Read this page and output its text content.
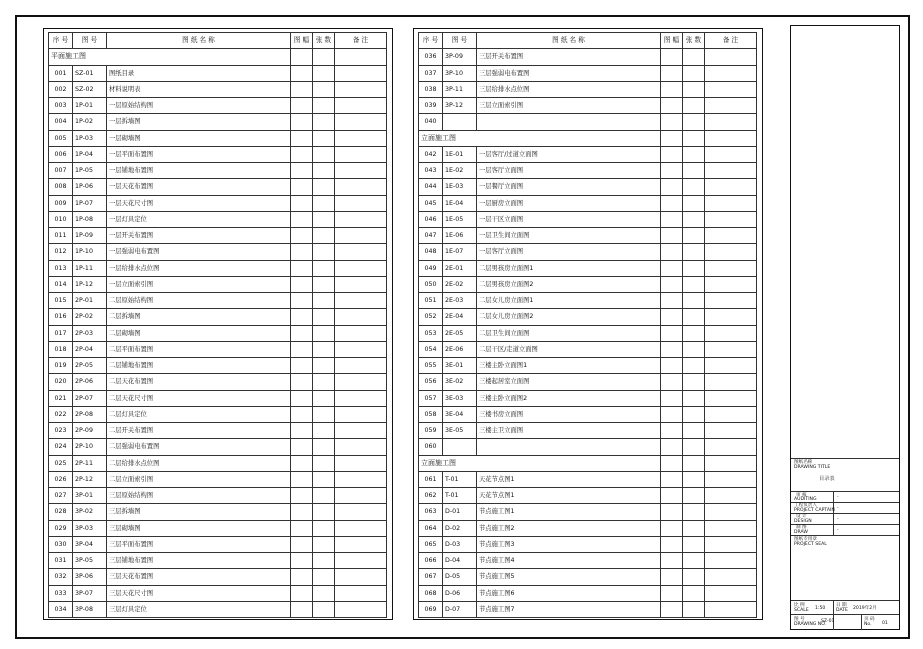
序 号	图 号	图 纸 名 称	图 幅	张 数	备 注
平面施工图					
001	SZ-01	图纸目录			
002	SZ-02	材料说明表			
003	1P-01	一层原始结构图			
004	1P-02	一层拆墙图			
005	1P-03	一层砌墙图			
006	1P-04	一层平面布置图			
007	1P-05	一层铺地布置图			
008	1P-06	一层天花布置图			
009	1P-07	一层天花尺寸图			
010	1P-08	一层灯具定位			
011	1P-09	一层开关布置图			
012	1P-10	一层强弱电布置图			
013	1P-11	一层给排水点位图			
014	1P-12	一层立面索引图			
015	2P-01	二层原始结构图			
016	2P-02	二层拆墙图			
017	2P-03	二层砌墙图			
018	2P-04	二层平面布置图			
019	2P-05	二层铺地布置图			
020	2P-06	二层天花布置图			
021	2P-07	二层天花尺寸图			
022	2P-08	二层灯具定位			
023	2P-09	二层开关布置图			
024	2P-10	二层强弱电布置图			
025	2P-11	二层给排水点位图			
026	2P-12	二层立面索引图			
027	3P-01	三层原始结构图			
028	3P-02	三层拆墙图			
029	3P-03	三层砌墙图			
030	3P-04	三层平面布置图			
031	3P-05	三层铺地布置图			
032	3P-06	三层天花布置图			
033	3P-07	三层天花尺寸图			
034	3P-08	三层灯具定位			
序 号	图 号	图 纸 名 称	图 幅	张 数	备 注
036	3P-09	三层开关布置图			
037	3P-10	三层强弱电布置图			
038	3P-11	三层给排水点位图			
039	3P-12	三层立面索引图			
040					
立面施工图					
042	1E-01	一层客厅/过道立面图			
043	1E-02	一层客厅立面图			
044	1E-03	一层餐厅立面图			
045	1E-04	一层厨房立面图			
046	1E-05	一层干区立面图			
047	1E-06	一层卫生间立面图			
048	1E-07	一层客厅立面图			
049	2E-01	二层男孩房立面图1			
050	2E-02	二层男孩房立面图2			
051	2E-03	二层女儿房立面图1			
052	2E-04	二层女儿房立面图2			
053	2E-05	二层卫生间立面图			
054	2E-06	二层干区/走道立面图			
055	3E-01	三楼主卧立面图1			
056	3E-02	三楼起居室立面图			
057	3E-03	三楼主卧立面图2			
058	3E-04	三楼书房立面图			
059	3E-05	三楼主卫立面图			
060					
立面施工图					
061	T-01	天花节点图1			
062	T-01	天花节点图1			
063	D-01	节点施工图1			
064	D-02	节点施工图2			
065	D-03	节点施工图3			
066	D-04	节点施工图4			
067	D-05	节点施工图5			
068	D-06	节点施工图6			
069	D-07	节点施工图7			
图纸名称
DRAWING TITLE
目录表
审 核
AUDITING	-
工程负责人
PROJECT CAPTAIN -
设 计
DESIGN	-
制 图
DRAW	-
图纸专用章
PROJECT SEAL
比 例
SCALE 1:50
日 期
DATE 2019年2月
图 号
DRAWING NO.
SZ-01	页 码
No. 01
